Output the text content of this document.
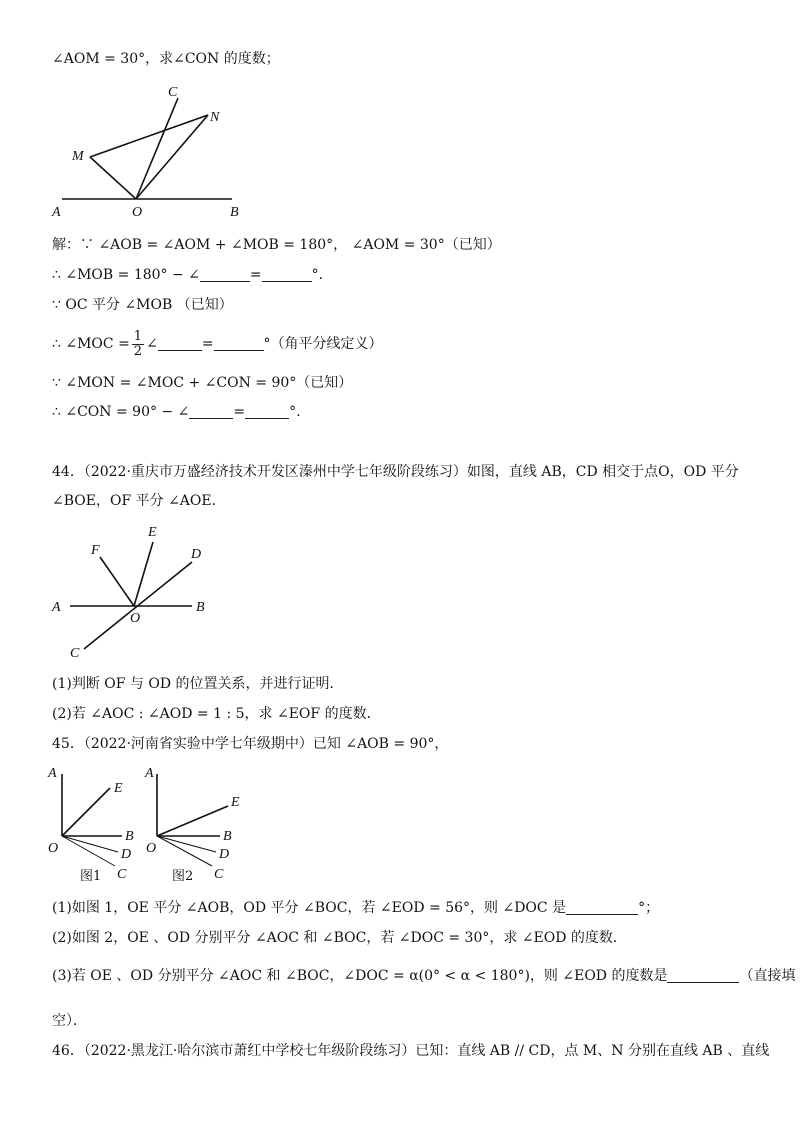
∠AOM = 30°，求∠CON 的度数；
C
N
M
A	O	B
解：∵ ∠AOB = ∠AOM + ∠MOB = 180°， ∠AOM = 30°（已知）
∴ ∠MOB = 180° − ∠	=	°.
∵ OC 平分 ∠MOB （已知）
∴ ∠MOC = $\frac{1}{2}$ ∠	=	°（角平分线定义）
∵ ∠MON = ∠MOC + ∠CON = 90°（已知）
∴ ∠CON = 90° − ∠	=	°.
44．（2022·重庆市万盛经济技术开发区溱州中学七年级阶段练习）如图，直线 AB，CD 相交于点O，OD 平分
∠BOE，OF 平分 ∠AOE．
E
F	D
A
O
B
C
(1)判断 OF 与 OD 的位置关系，并进行证明．
(2)若 ∠AOC : ∠AOD = 1 : 5，求 ∠EOF 的度数．
45．（2022·河南省实验中学七年级期中）已知 ∠AOB = 90°，
A
E
B
O	D
C
图1
A
E
B
O	D
C
图2
(1)如图 1，OE 平分 ∠AOB，OD 平分 ∠BOC，若 ∠EOD = 56°，则 ∠DOC 是	°；
(2)如图 2，OE 、OD 分别平分 ∠AOC 和 ∠BOC，若 ∠DOC = 30°，求 ∠EOD 的度数．
(3)若 OE 、OD 分别平分 ∠AOC 和 ∠BOC，∠DOC = α(0° < α < 180°)，则 ∠EOD 的度数是	（直接填
空）．
46．（2022·黑龙江·哈尔滨市萧红中学校七年级阶段练习）已知：直线 AB // CD，点 M、N 分别在直线 AB 、直线
